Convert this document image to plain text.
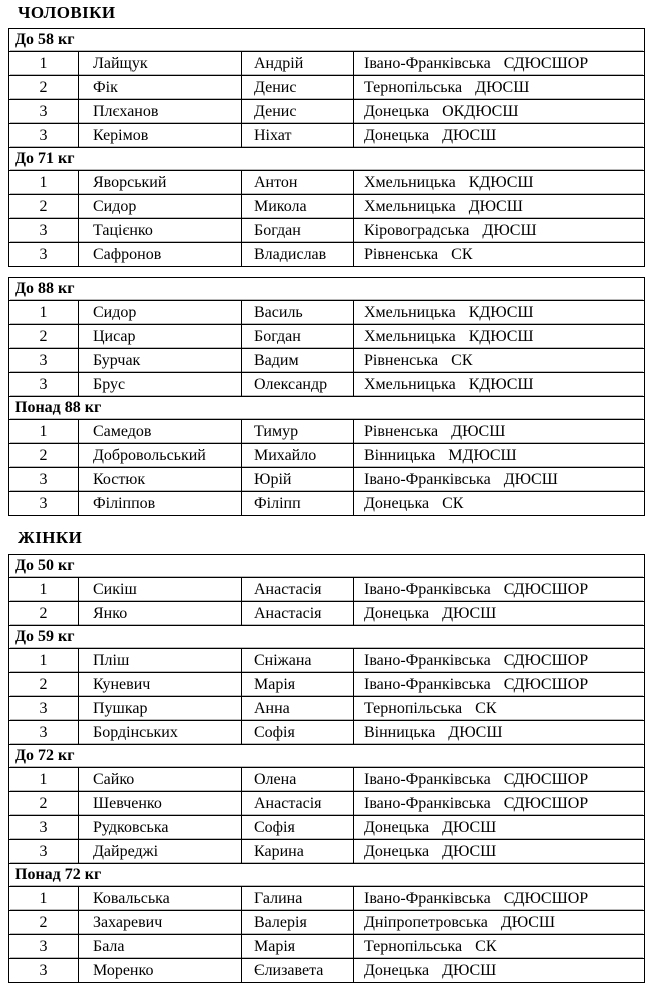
ЧОЛОВІКИ
До 58 кг
1	Лайщук	Андрій	Івано-Франківська СДЮСШОР
2	Фік	Денис	Тернопільська ДЮСШ
3	Плєханов	Денис	Донецька ОКДЮСШ
3	Керімов	Ніхат	Донецька ДЮСШ
До 71 кг
1	Яворський	Антон	Хмельницька КДЮСШ
2	Сидор	Микола	Хмельницька ДЮСШ
3	Тацієнко	Богдан	Кіровоградська ДЮСШ
3	Сафронов	Владислав	Рівненська СК
До 88 кг
1	Сидор	Василь	Хмельницька КДЮСШ
2	Цисар	Богдан	Хмельницька КДЮСШ
3	Бурчак	Вадим	Рівненська СК
3	Брус	Олександр	Хмельницька КДЮСШ
Понад 88 кг
1	Самедов	Тимур	Рівненська ДЮСШ
2	Добровольський	Михайло	Вінницька МДЮСШ
3	Костюк	Юрій	Івано-Франківська ДЮСШ
3	Філіппов	Філіпп	Донецька СК
ЖІНКИ
До 50 кг
1	Сикіш	Анастасія	Івано-Франківська СДЮСШОР
2	Янко	Анастасія	Донецька ДЮСШ
До 59 кг
1	Пліш	Сніжана	Івано-Франківська СДЮСШОР
2	Куневич	Марія	Івано-Франківська СДЮСШОР
3	Пушкар	Анна	Тернопільська СК
3	Бордінських	Софія	Вінницька ДЮСШ
До 72 кг
1	Сайко	Олена	Івано-Франківська СДЮСШОР
2	Шевченко	Анастасія	Івано-Франківська СДЮСШОР
3	Рудковська	Софія	Донецька ДЮСШ
3	Дайреджі	Карина	Донецька ДЮСШ
Понад 72 кг
1	Ковальська	Галина	Івано-Франківська СДЮСШОР
2	Захаревич	Валерія	Дніпропетровська ДЮСШ
3	Бала	Марія	Тернопільська СК
3	Моренко	Єлизавета	Донецька ДЮСШ
